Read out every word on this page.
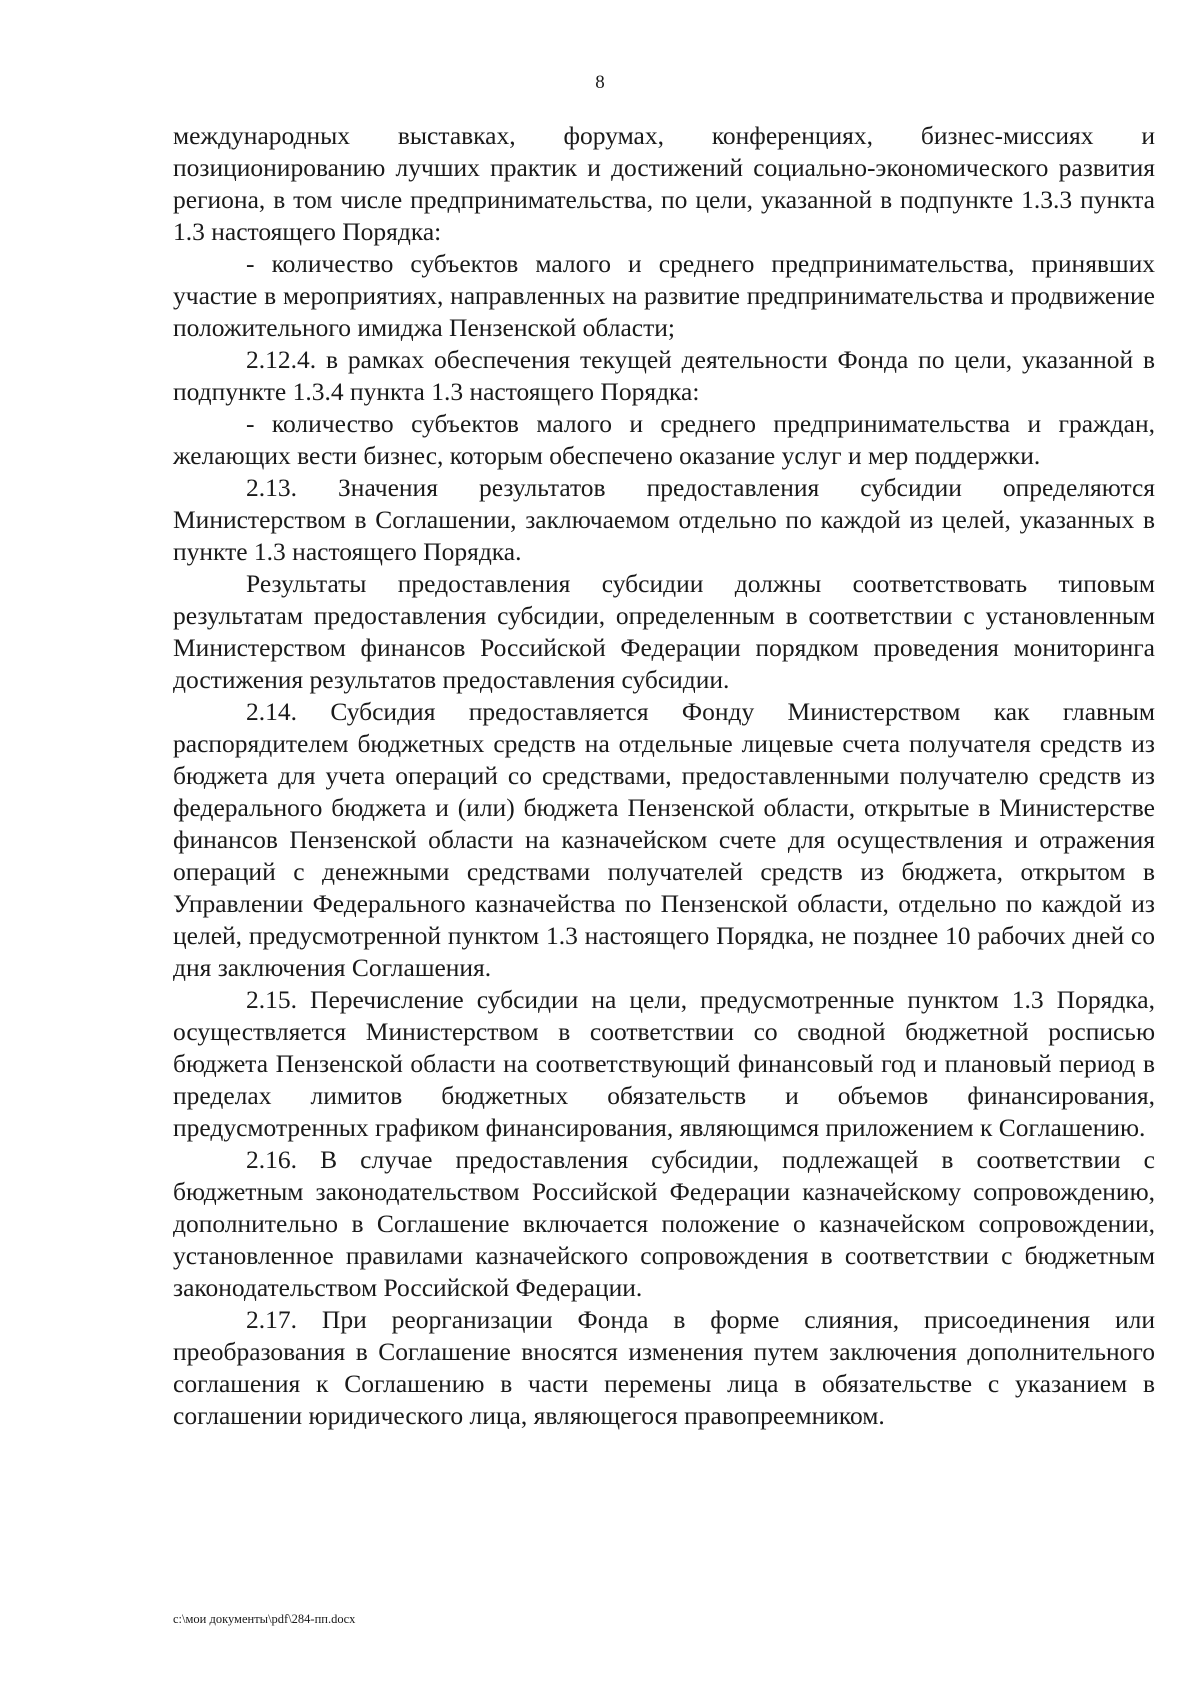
8

международных выставках, форумах, конференциях, бизнес-миссиях и позиционированию лучших практик и достижений социально-экономического развития региона, в том числе предпринимательства, по цели, указанной в подпункте 1.3.3 пункта 1.3 настоящего Порядка:

- количество субъектов малого и среднего предпринимательства, принявших участие в мероприятиях, направленных на развитие предпринимательства и продвижение положительного имиджа Пензенской области;

2.12.4. в рамках обеспечения текущей деятельности Фонда по цели, указанной в подпункте 1.3.4 пункта 1.3 настоящего Порядка:

- количество субъектов малого и среднего предпринимательства и граждан, желающих вести бизнес, которым обеспечено оказание услуг и мер поддержки.

2.13. Значения результатов предоставления субсидии определяются Министерством в Соглашении, заключаемом отдельно по каждой из целей, указанных в пункте 1.3 настоящего Порядка.

Результаты предоставления субсидии должны соответствовать типовым результатам предоставления субсидии, определенным в соответствии с установленным Министерством финансов Российской Федерации порядком проведения мониторинга достижения результатов предоставления субсидии.

2.14. Субсидия предоставляется Фонду Министерством как главным распорядителем бюджетных средств на отдельные лицевые счета получателя средств из бюджета для учета операций со средствами, предоставленными получателю средств из федерального бюджета и (или) бюджета Пензенской области, открытые в Министерстве финансов Пензенской области на казначейском счете для осуществления и отражения операций с денежными средствами получателей средств из бюджета, открытом в Управлении Федерального казначейства по Пензенской области, отдельно по каждой из целей, предусмотренной пунктом 1.3 настоящего Порядка, не позднее 10 рабочих дней со дня заключения Соглашения.

2.15. Перечисление субсидии на цели, предусмотренные пунктом 1.3 Порядка, осуществляется Министерством в соответствии со сводной бюджетной росписью бюджета Пензенской области на соответствующий финансовый год и плановый период в пределах лимитов бюджетных обязательств и объемов финансирования, предусмотренных графиком финансирования, являющимся приложением к Соглашению.

2.16. В случае предоставления субсидии, подлежащей в соответствии с бюджетным законодательством Российской Федерации казначейскому сопровождению, дополнительно в Соглашение включается положение о казначейском сопровождении, установленное правилами казначейского сопровождения в соответствии с бюджетным законодательством Российской Федерации.

2.17. При реорганизации Фонда в форме слияния, присоединения или преобразования в Соглашение вносятся изменения путем заключения дополнительного соглашения к Соглашению в части перемены лица в обязательстве с указанием в соглашении юридического лица, являющегося правопреемником.

c:\мои документы\pdf\284-пп.docx
